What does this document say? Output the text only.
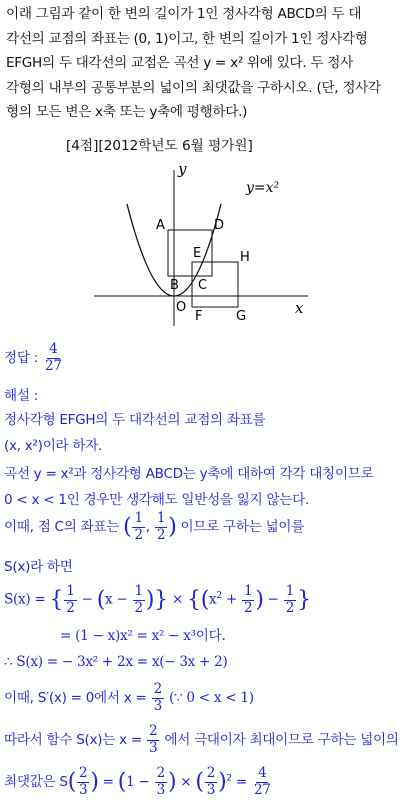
이래 그림과 같이 한 변의 길이가 1인 정사각형 ABCD의 두 대

각선의 교점의 좌표는 (0, 1)이고, 한 변의 길이가 1인 정사각형

EFGH의 두 대각선의 교점은 곡선 y = x² 위에 있다. 두 정사

각형의 내부의 공통부분의 넓이의 최댓값을 구하시오. (단, 정사각

형의 모든 변은 x축 또는 y축에 평행하다.)

[4점][2012학년도 6월 평가원]
y
x
y=x²
A	D
E	H
B C
F	G
O
정답 : $\frac{4}{27}$
해설 :
정사각형 EFGH의 두 대각선의 교점의 좌표를
(x, x²)이라 하자.
곡선 y = x²과 정사각형 ABCD는 y축에 대하여 각각 대칭이므로
0 < x < 1인 경우만 생각해도 일반성을 잃지 않는다.
이때, 점 C의 좌표는 ( $\frac{1}{2}$ , $\frac{1}{2}$ ) 이므로 구하는 넓이를
S(x)라 하면
S(x) = { $\frac{1}{2} - (x - \frac{1}{2}$ )} × {($x^2 + \frac{1}{2}$ ) − $\frac{1}{2}$ }
= (1 − x)x² = x² − x³이다.
∴ S(x) = − 3x² + 2x = x(− 3x + 2)
이때, S′(x) = 0에서 $x = \frac{2}{3}$ (∵ 0 < x < 1)
따라서 함수 S(x)는 $x = \frac{2}{3}$ 에서 극대이자 최대이므로 구하는 넓이의
최댓값은 $S( \frac{2}{3}$ ) = ($1 - \frac{2}{3}$ ) × ( $\frac{2}{3} )^2 = \frac{4}{27}$
